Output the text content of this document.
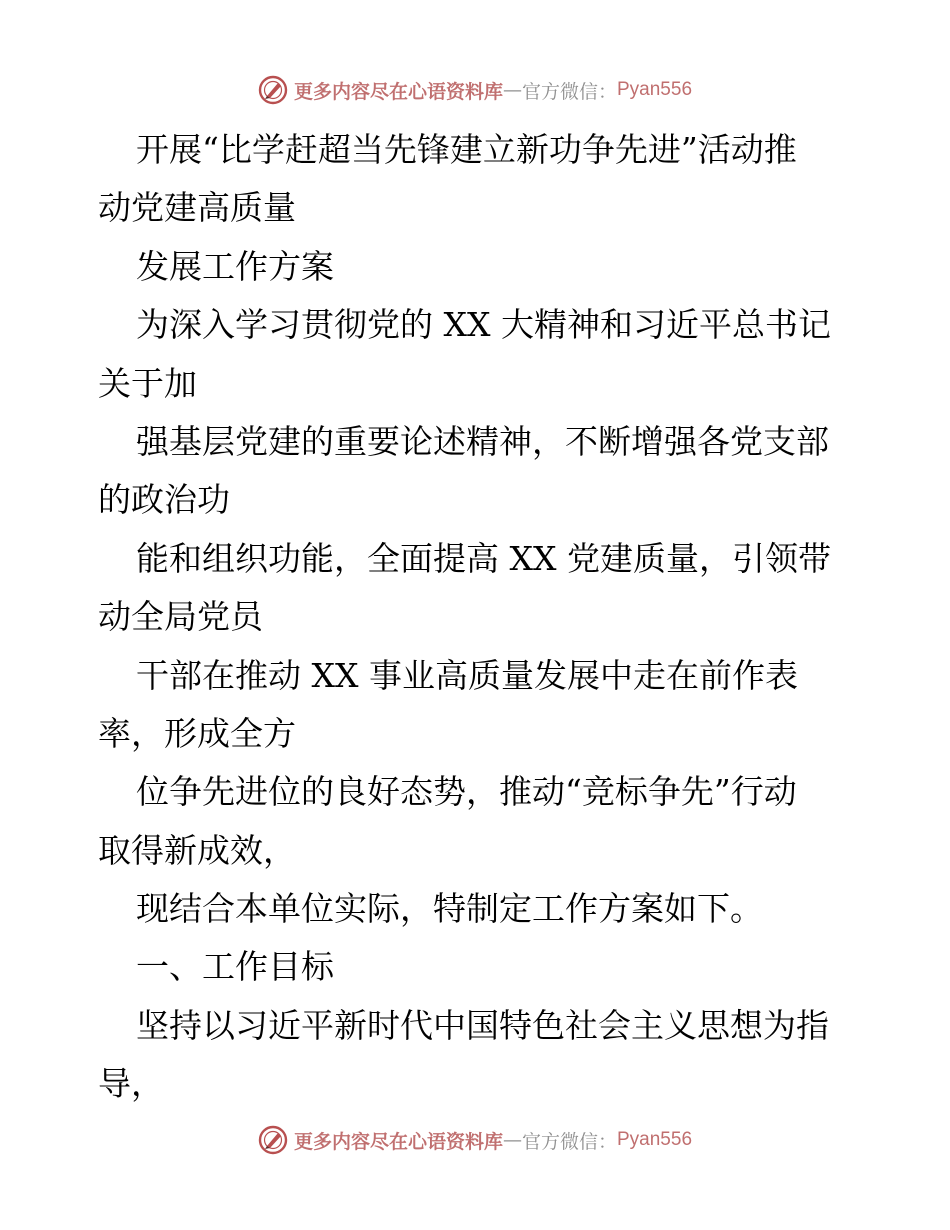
更多内容尽在心语资料库 — 官方微信： Pyan556
开展“比学赶超当先锋建立新功争先进”活动推
动党建高质量
发展工作方案
为深入学习贯彻党的 XX 大精神和习近平总书记
关于加
强基层党建的重要论述精神，不断增强各党支部
的政治功
能和组织功能，全面提高 XX 党建质量，引领带
动全局党员
干部在推动 XX 事业高质量发展中走在前作表
率，形成全方
位争先进位的良好态势，推动“竞标争先”行动
取得新成效，
现结合本单位实际，特制定工作方案如下。
一、工作目标
坚持以习近平新时代中国特色社会主义思想为指
导，
更多内容尽在心语资料库 — 官方微信： Pyan556
